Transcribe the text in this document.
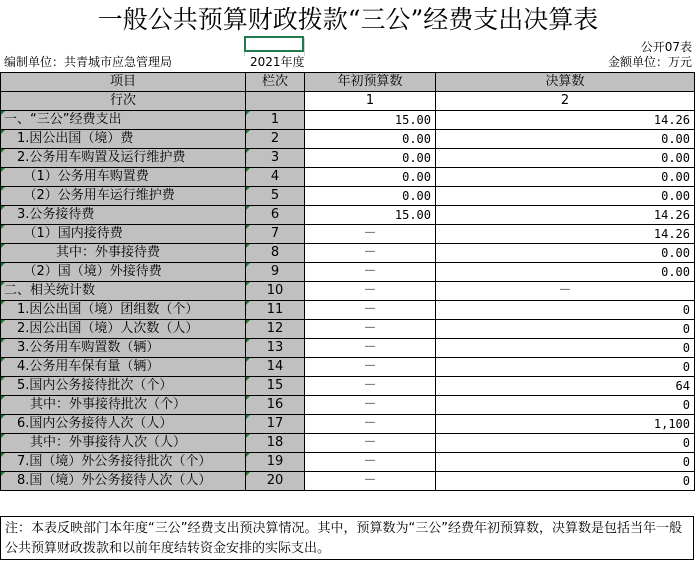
一般公共预算财政拨款“三公”经费支出决算表
公开07表
编制单位：共青城市应急管理局	2021年度	金额单位：万元
项目	栏次	年初预算数	决算数
行次		1	2

一、“三公”经费支出	1	15.00	14.26

　1.因公出国（境）费	2	0.00	0.00

　2.公务用车购置及运行维护费	3	0.00	0.00

　　（1）公务用车购置费	4	0.00	0.00

　　（2）公务用车运行维护费	5	0.00	0.00

　3.公务接待费	6	15.00	14.26

　　（1）国内接待费	7	－	14.26

　　　　其中：外事接待费	8	－	0.00

　　（2）国（境）外接待费	9	－	0.00

二、相关统计数	10	－	－

　1.因公出国（境）团组数（个）	11	－	0

　2.因公出国（境）人次数（人）	12	－	0

　3.公务用车购置数（辆）	13	－	0

　4.公务用车保有量（辆）	14	－	0

　5.国内公务接待批次（个）	15	－	64

　　其中：外事接待批次（个）	16	－	0

　6.国内公务接待人次（人）	17	－	1,100

　　其中：外事接待人次（人）	18	－	0

　7.国（境）外公务接待批次（个）	19	－	0

　8.国（境）外公务接待人次（人）	20	－	0
注：本表反映部门本年度“三公”经费支出预决算情况。其中，预算数为“三公”经费年初预算数，决算数是包括当年一般公共预算财政拨款和以前年度结转资金安排的实际支出。
